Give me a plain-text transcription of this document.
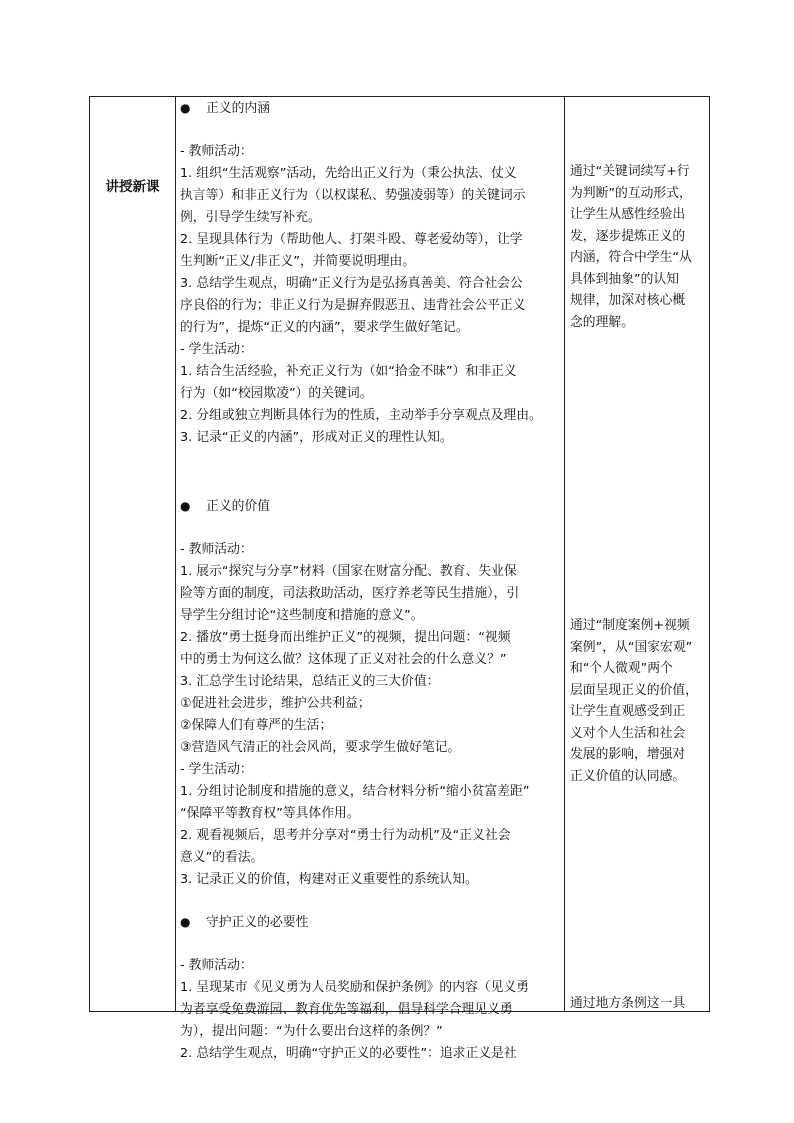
讲授新课
● 正义的内涵
- 教师活动：
1. 组织“生活观察”活动，先给出正义行为（秉公执法、仗义
执言等）和非正义行为（以权谋私、势强凌弱等）的关键词示
例，引导学生续写补充。
2. 呈现具体行为（帮助他人、打架斗殴、尊老爱幼等），让学
生判断“正义/非正义”，并简要说明理由。
3. 总结学生观点，明确“正义行为是弘扬真善美、符合社会公
序良俗的行为；非正义行为是摒弃假恶丑、违背社会公平正义
的行为”，提炼“正义的内涵”，要求学生做好笔记。
- 学生活动：
1. 结合生活经验，补充正义行为（如“拾金不昧”）和非正义
行为（如“校园欺凌”）的关键词。
2. 分组或独立判断具体行为的性质，主动举手分享观点及理由。
3. 记录“正义的内涵”，形成对正义的理性认知。
● 正义的价值
- 教师活动：
1. 展示“探究与分享”材料（国家在财富分配、教育、失业保
险等方面的制度，司法救助活动，医疗养老等民生措施），引
导学生分组讨论“这些制度和措施的意义”。
2. 播放“勇士挺身而出维护正义”的视频，提出问题：“视频
中的勇士为何这么做？这体现了正义对社会的什么意义？”
3. 汇总学生讨论结果，总结正义的三大价值：
①促进社会进步，维护公共利益；
②保障人们有尊严的生活；
③营造风气清正的社会风尚，要求学生做好笔记。
- 学生活动：
1. 分组讨论制度和措施的意义，结合材料分析“缩小贫富差距”
“保障平等教育权”等具体作用。
2. 观看视频后，思考并分享对“勇士行为动机”及“正义社会
意义”的看法。
3. 记录正义的价值，构建对正义重要性的系统认知。
● 守护正义的必要性
- 教师活动：
1. 呈现某市《见义勇为人员奖励和保护条例》的内容（见义勇
为者享受免费游园、教育优先等福利，倡导科学合理见义勇
为），提出问题：“为什么要出台这样的条例？”
2. 总结学生观点，明确“守护正义的必要性”：追求正义是社
通过“关键词续写+行
为判断”的互动形式，
让学生从感性经验出
发，逐步提炼正义的
内涵，符合中学生“从
具体到抽象”的认知
规律，加深对核心概
念的理解。
通过“制度案例+视频
案例”，从“国家宏观”
和“个人微观”两个
层面呈现正义的价值，
让学生直观感受到正
义对个人生活和社会
发展的影响，增强对
正义价值的认同感。
通过地方条例这一具
